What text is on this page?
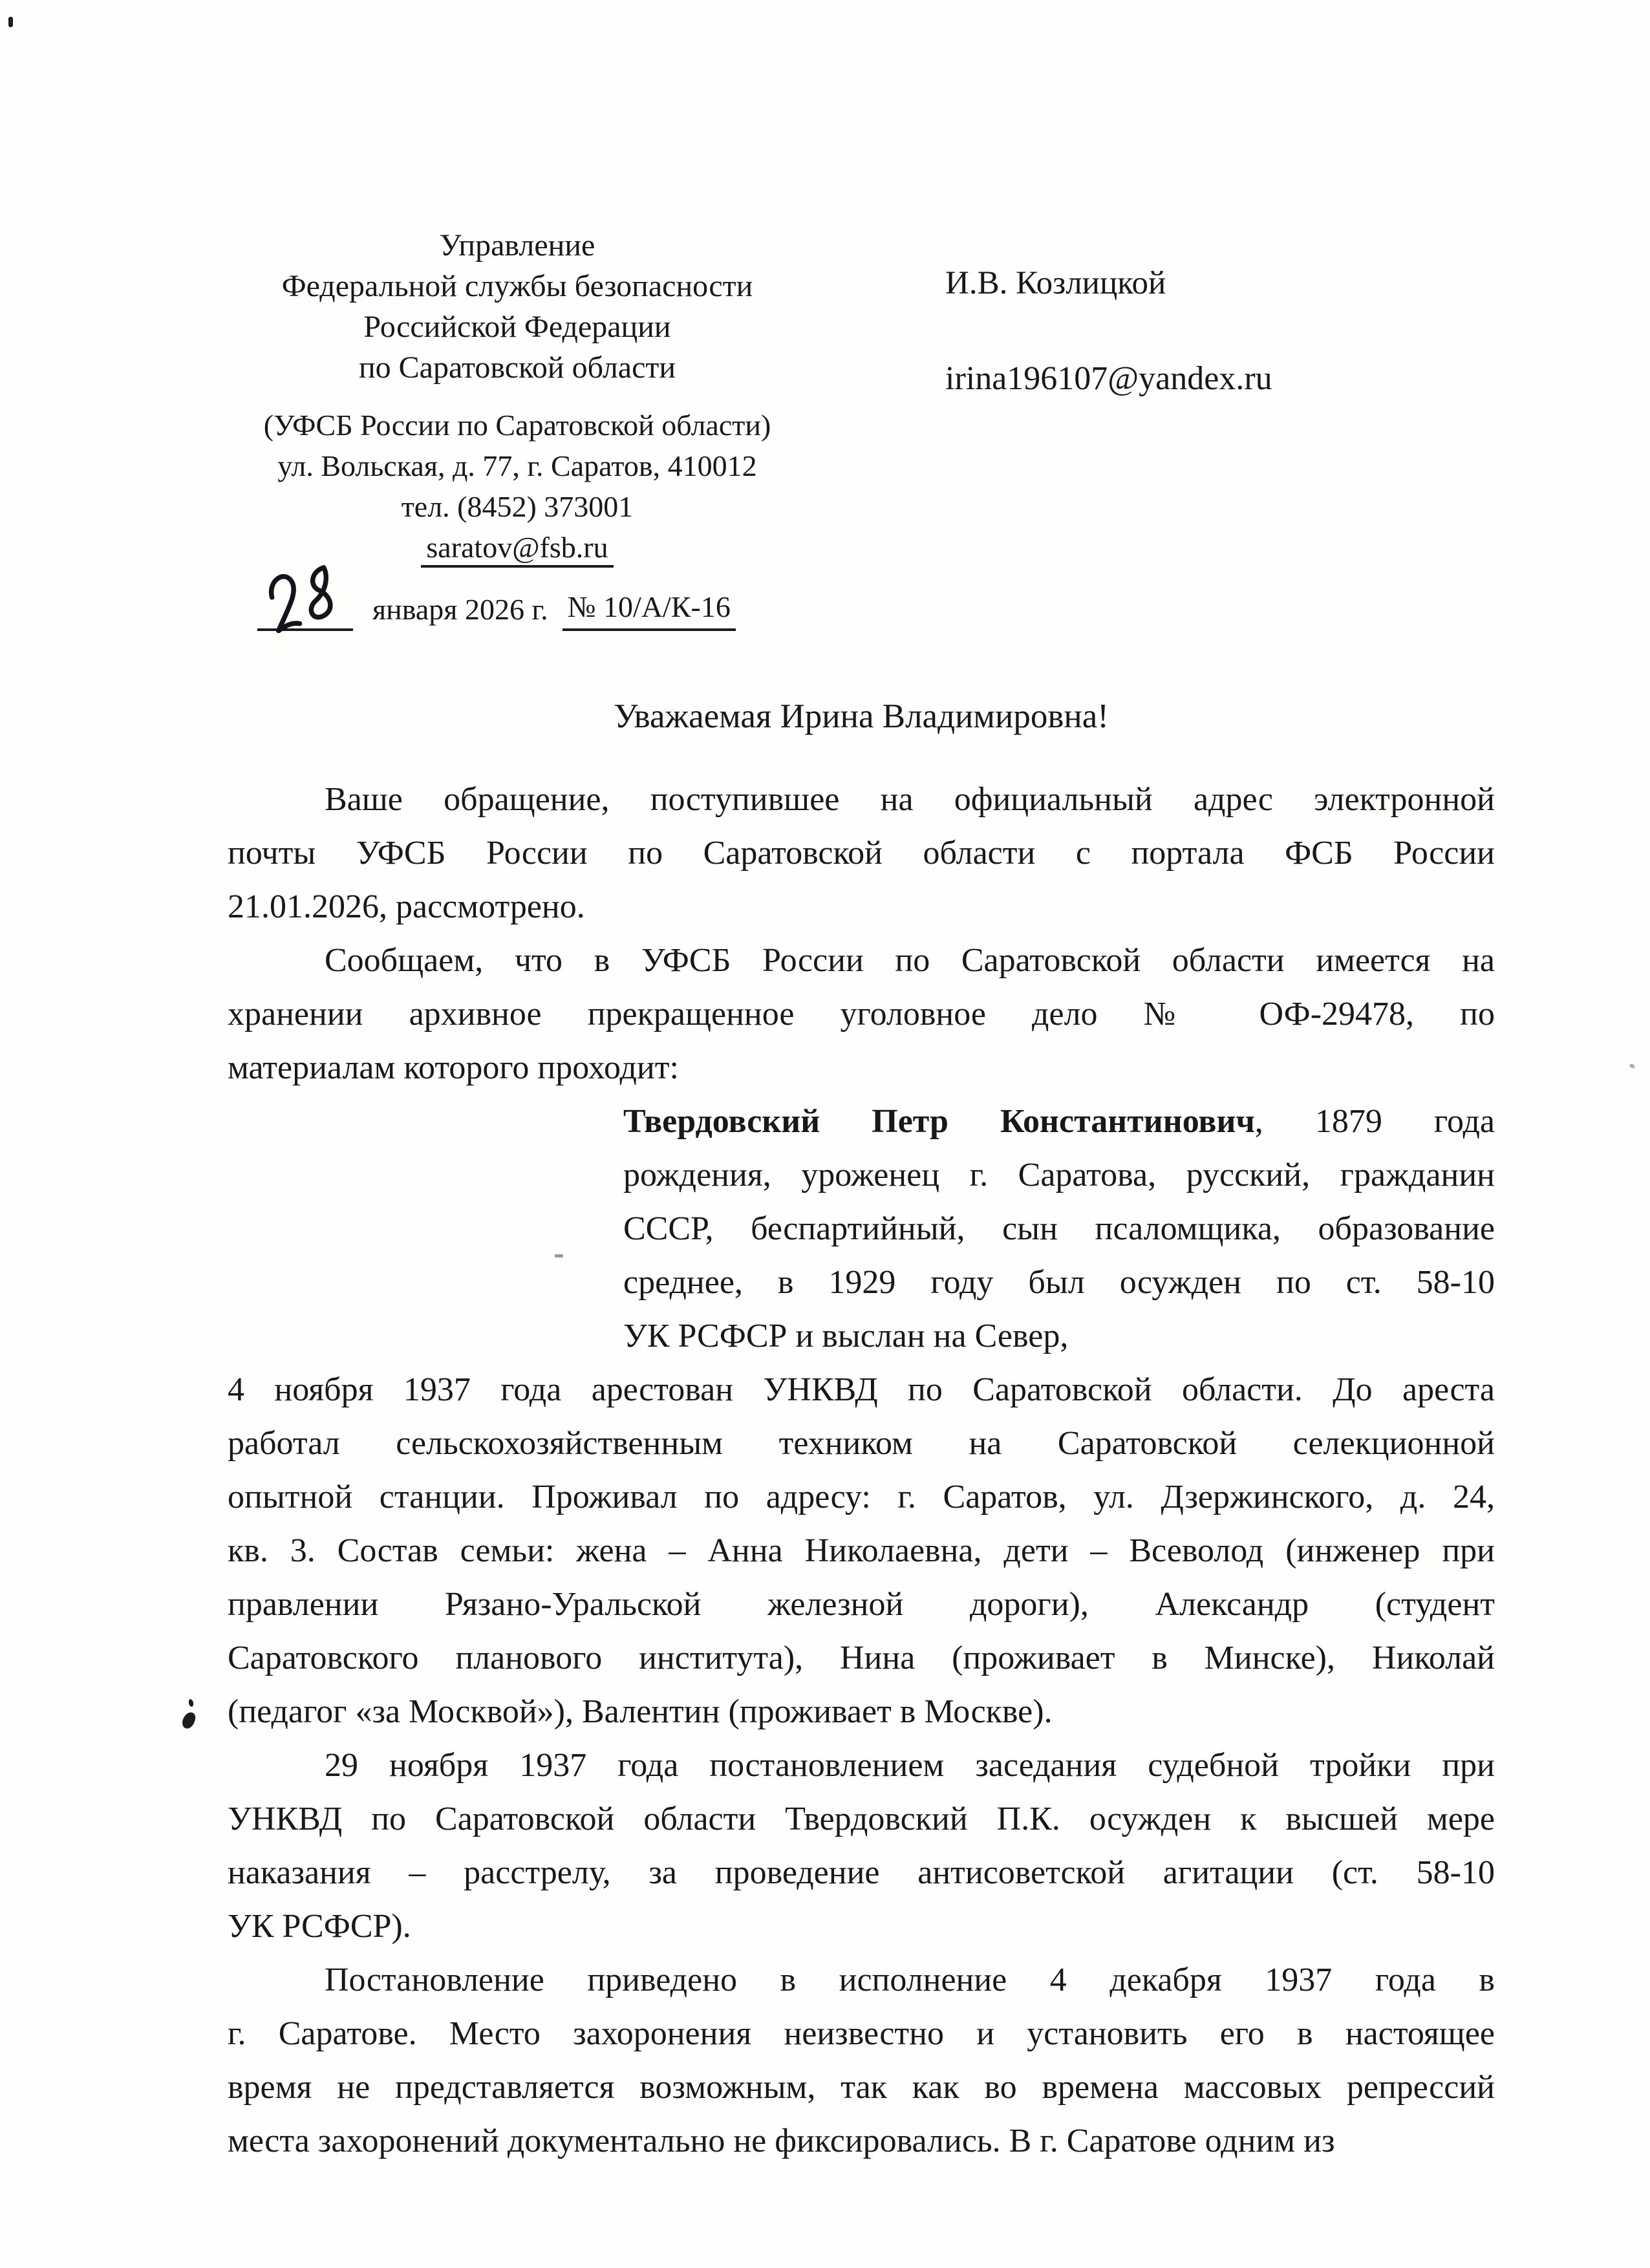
Управление
Федеральной службы безопасности
Российской Федерации
по Саратовской области
(УФСБ России по Саратовской области)
ул. Вольская, д. 77, г. Саратов, 410012
тел. (8452) 373001
saratov@fsb.ru
января 2026 г. № 10/А/К-16
И.В. Козлицкой
irina196107@yandex.ru
Уважаемая Ирина Владимировна!
Ваше обращение, поступившее на официальный адрес электронной
почты УФСБ России по Саратовской области с портала ФСБ России
21.01.2026, рассмотрено.
Сообщаем, что в УФСБ России по Саратовской области имеется на
хранении архивное прекращенное уголовное дело № ОФ-29478, по
материалам которого проходит:
Твердовский Петр Константинович, 1879 года
рождения, уроженец г. Саратова, русский, гражданин
СССР, беспартийный, сын псаломщика, образование
среднее, в 1929 году был осужден по ст. 58-10
УК РСФСР и выслан на Север,
4 ноября 1937 года арестован УНКВД по Саратовской области. До ареста
работал сельскохозяйственным техником на Саратовской селекционной
опытной станции. Проживал по адресу: г. Саратов, ул. Дзержинского, д. 24,
кв. 3. Состав семьи: жена – Анна Николаевна, дети – Всеволод (инженер при
правлении Рязано-Уральской железной дороги), Александр (студент
Саратовского планового института), Нина (проживает в Минске), Николай
(педагог «за Москвой»), Валентин (проживает в Москве).
29 ноября 1937 года постановлением заседания судебной тройки при
УНКВД по Саратовской области Твердовский П.К. осужден к высшей мере
наказания – расстрелу, за проведение антисоветской агитации (ст. 58-10
УК РСФСР).
Постановление приведено в исполнение 4 декабря 1937 года в
г. Саратове. Место захоронения неизвестно и установить его в настоящее
время не представляется возможным, так как во времена массовых репрессий
места захоронений документально не фиксировались. В г. Саратове одним из
